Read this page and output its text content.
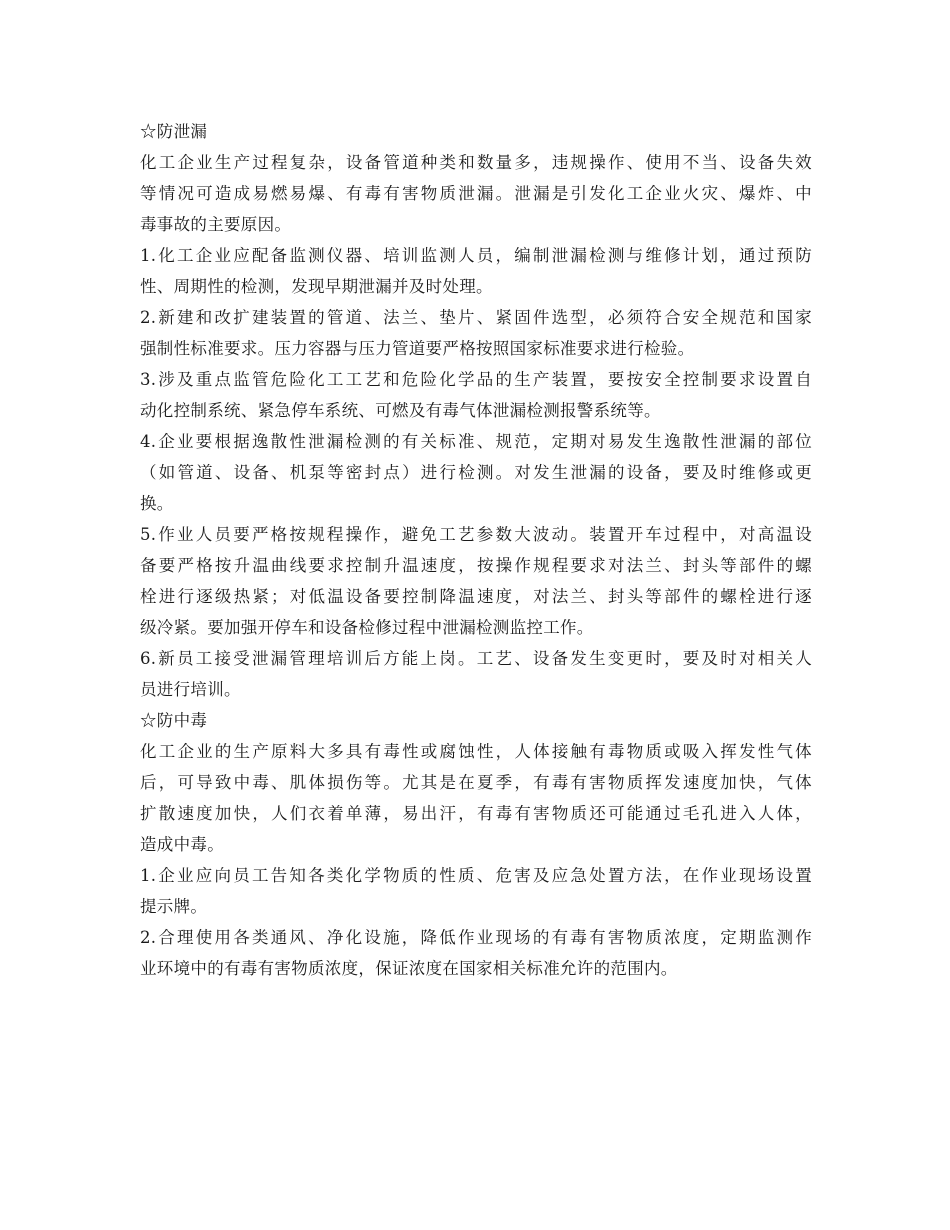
☆防泄漏
化工企业生产过程复杂，设备管道种类和数量多，违规操作、使用不当、设备失效
等情况可造成易燃易爆、有毒有害物质泄漏。泄漏是引发化工企业火灾、爆炸、中
毒事故的主要原因。
1.化工企业应配备监测仪器、培训监测人员，编制泄漏检测与维修计划，通过预防
性、周期性的检测，发现早期泄漏并及时处理。
2.新建和改扩建装置的管道、法兰、垫片、紧固件选型，必须符合安全规范和国家
强制性标准要求。压力容器与压力管道要严格按照国家标准要求进行检验。
3.涉及重点监管危险化工工艺和危险化学品的生产装置，要按安全控制要求设置自
动化控制系统、紧急停车系统、可燃及有毒气体泄漏检测报警系统等。
4.企业要根据逸散性泄漏检测的有关标准、规范，定期对易发生逸散性泄漏的部位
（如管道、设备、机泵等密封点）进行检测。对发生泄漏的设备，要及时维修或更
换。
5.作业人员要严格按规程操作，避免工艺参数大波动。装置开车过程中，对高温设
备要严格按升温曲线要求控制升温速度，按操作规程要求对法兰、封头等部件的螺
栓进行逐级热紧；对低温设备要控制降温速度，对法兰、封头等部件的螺栓进行逐
级冷紧。要加强开停车和设备检修过程中泄漏检测监控工作。
6.新员工接受泄漏管理培训后方能上岗。工艺、设备发生变更时，要及时对相关人
员进行培训。
☆防中毒
化工企业的生产原料大多具有毒性或腐蚀性，人体接触有毒物质或吸入挥发性气体
后，可导致中毒、肌体损伤等。尤其是在夏季，有毒有害物质挥发速度加快，气体
扩散速度加快，人们衣着单薄，易出汗，有毒有害物质还可能通过毛孔进入人体，
造成中毒。
1.企业应向员工告知各类化学物质的性质、危害及应急处置方法，在作业现场设置
提示牌。
2.合理使用各类通风、净化设施，降低作业现场的有毒有害物质浓度，定期监测作
业环境中的有毒有害物质浓度，保证浓度在国家相关标准允许的范围内。
